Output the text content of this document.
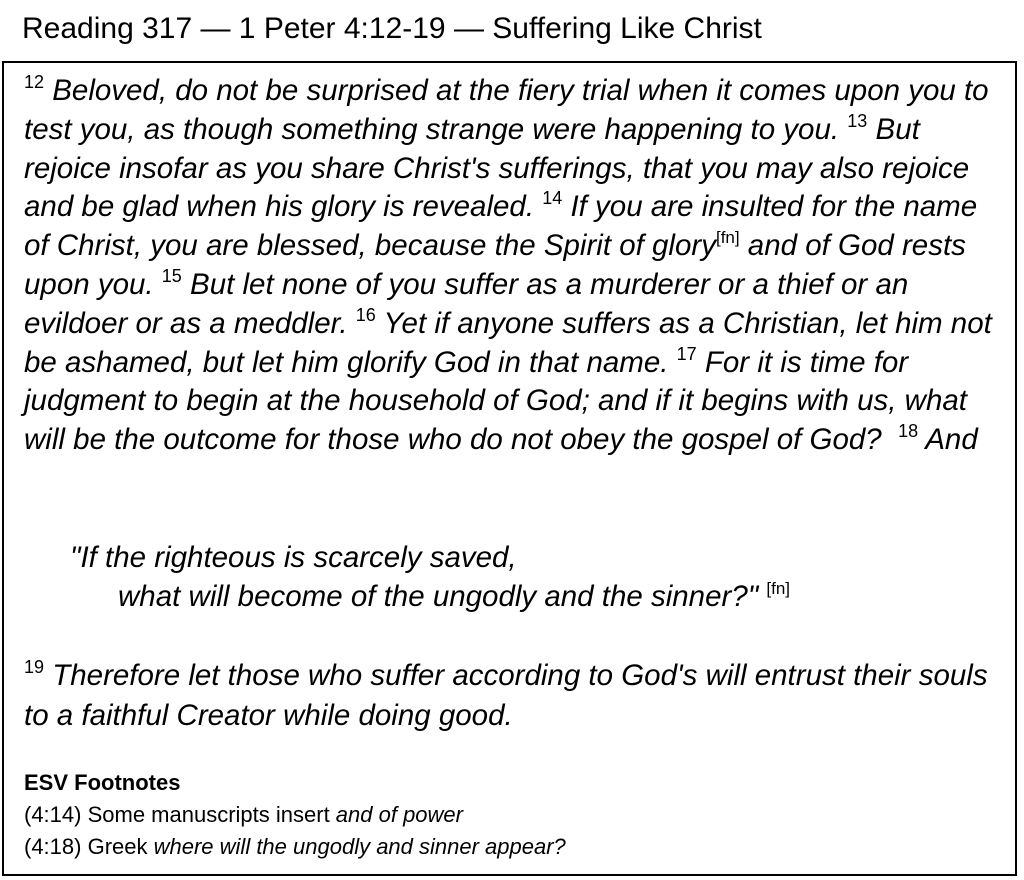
Reading 317 — 1 Peter 4:12-19 — Suffering Like Christ

$^{12}$ Beloved, do not be surprised at the fiery trial when it comes upon you to test you, as though something strange were happening to you. $^{13}$ But rejoice insofar as you share Christ's sufferings, that you may also rejoice and be glad when his glory is revealed. $^{14}$ If you are insulted for the name of Christ, you are blessed, because the Spirit of glory[fn] and of God rests upon you. $^{15}$ But let none of you suffer as a murderer or a thief or an evildoer or as a meddler. $^{16}$ Yet if anyone suffers as a Christian, let him not be ashamed, but let him glorify God in that name. $^{17}$ For it is time for judgment to begin at the household of God; and if it begins with us, what will be the outcome for those who do not obey the gospel of God? $^{18}$ And

"If the righteous is scarcely saved,
what will become of the ungodly and the sinner?" [fn]

$^{19}$ Therefore let those who suffer according to God's will entrust their souls to a faithful Creator while doing good.

ESV Footnotes
(4:14) Some manuscripts insert and of power
(4:18) Greek where will the ungodly and sinner appear?
